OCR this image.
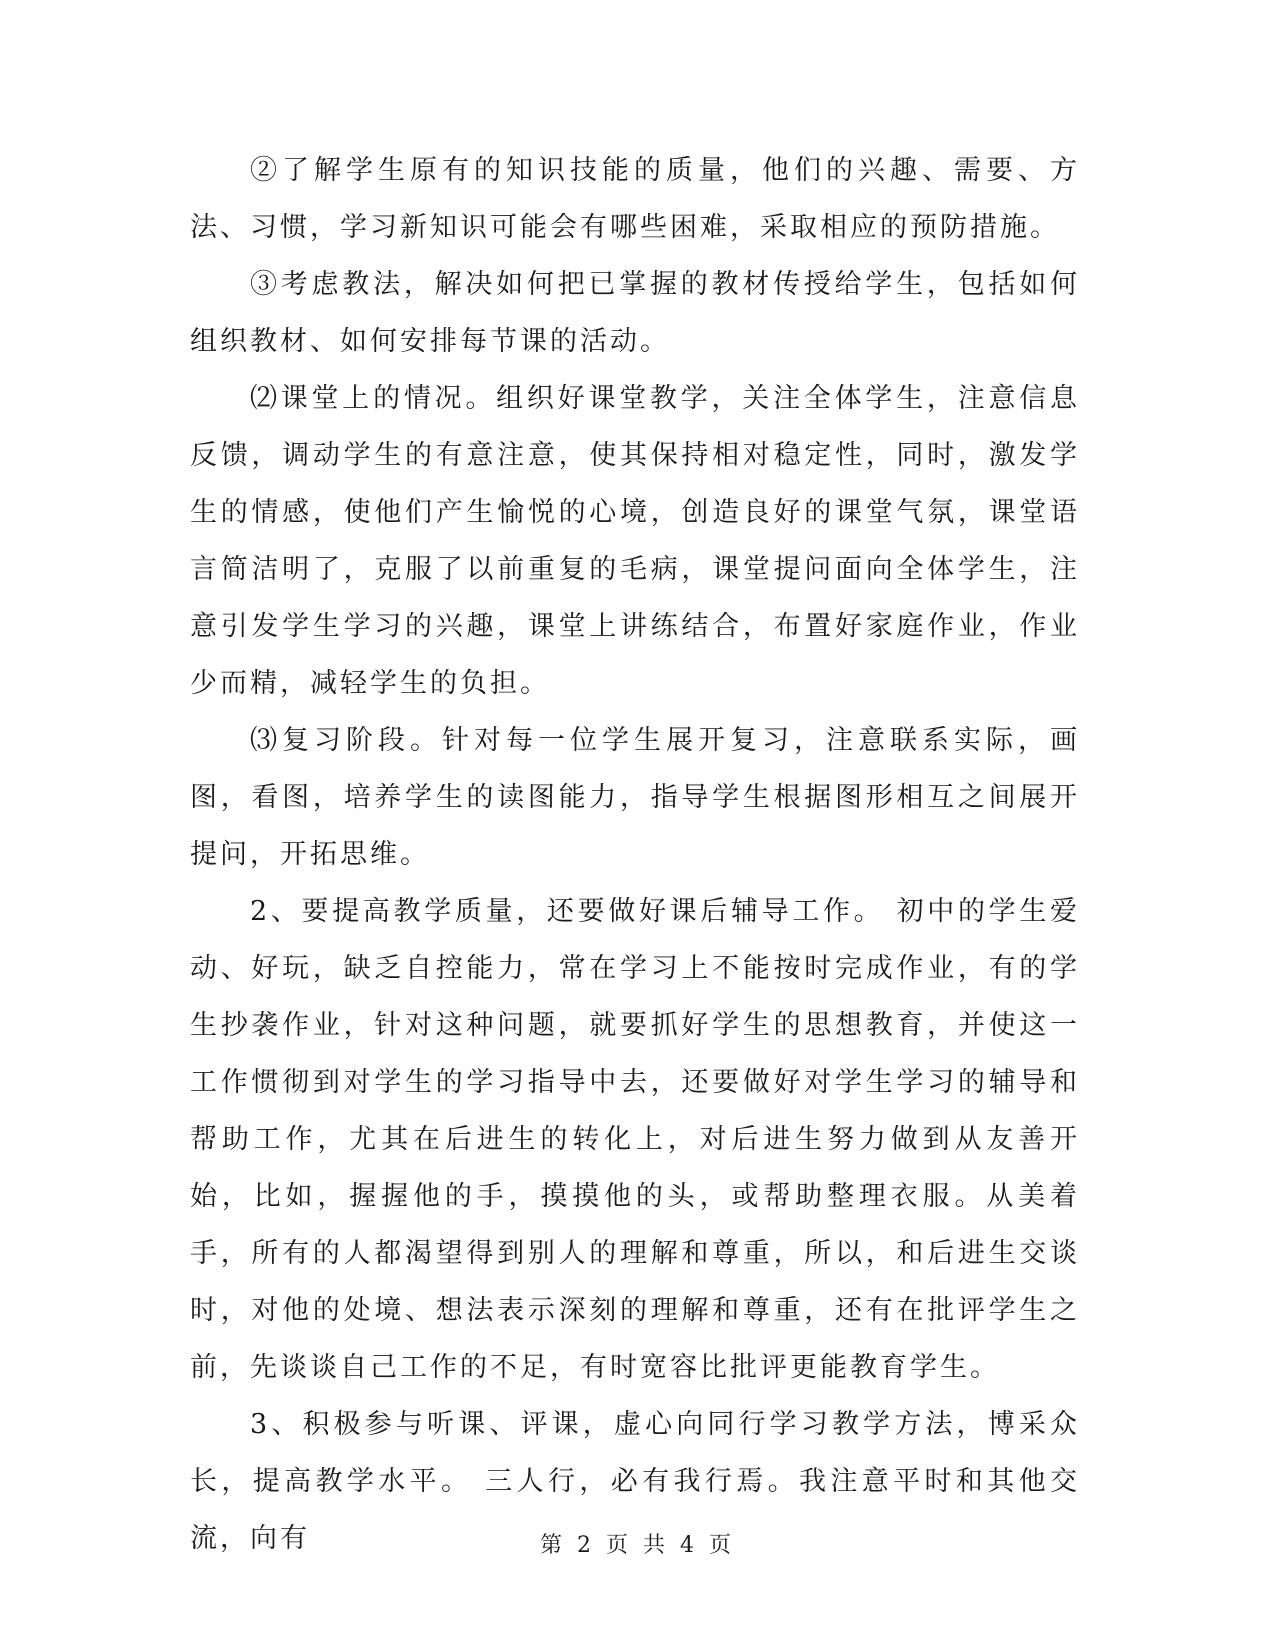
②了解学生原有的知识技能的质量，他们的兴趣、需要、方法、习惯，学习新知识可能会有哪些困难，采取相应的预防措施。

③考虑教法，解决如何把已掌握的教材传授给学生，包括如何组织教材、如何安排每节课的活动。

⑵课堂上的情况。组织好课堂教学，关注全体学生，注意信息反馈，调动学生的有意注意，使其保持相对稳定性，同时，激发学生的情感，使他们产生愉悦的心境，创造良好的课堂气氛，课堂语言简洁明了，克服了以前重复的毛病，课堂提问面向全体学生，注意引发学生学习的兴趣，课堂上讲练结合，布置好家庭作业，作业少而精，减轻学生的负担。

⑶复习阶段。针对每一位学生展开复习，注意联系实际，画图，看图，培养学生的读图能力，指导学生根据图形相互之间展开提问，开拓思维。

2、要提高教学质量，还要做好课后辅导工作。 初中的学生爱动、好玩，缺乏自控能力，常在学习上不能按时完成作业，有的学生抄袭作业，针对这种问题，就要抓好学生的思想教育，并使这一工作惯彻到对学生的学习指导中去，还要做好对学生学习的辅导和帮助工作，尤其在后进生的转化上，对后进生努力做到从友善开始，比如，握握他的手，摸摸他的头，或帮助整理衣服。从美着手，所有的人都渴望得到别人的理解和尊重，所以，和后进生交谈时，对他的处境、想法表示深刻的理解和尊重，还有在批评学生之前，先谈谈自己工作的不足，有时宽容比批评更能教育学生。

3、积极参与听课、评课，虚心向同行学习教学方法，博采众长，提高教学水平。 三人行，必有我行焉。我注意平时和其他交流，向有	第 2 页 共 4 页
